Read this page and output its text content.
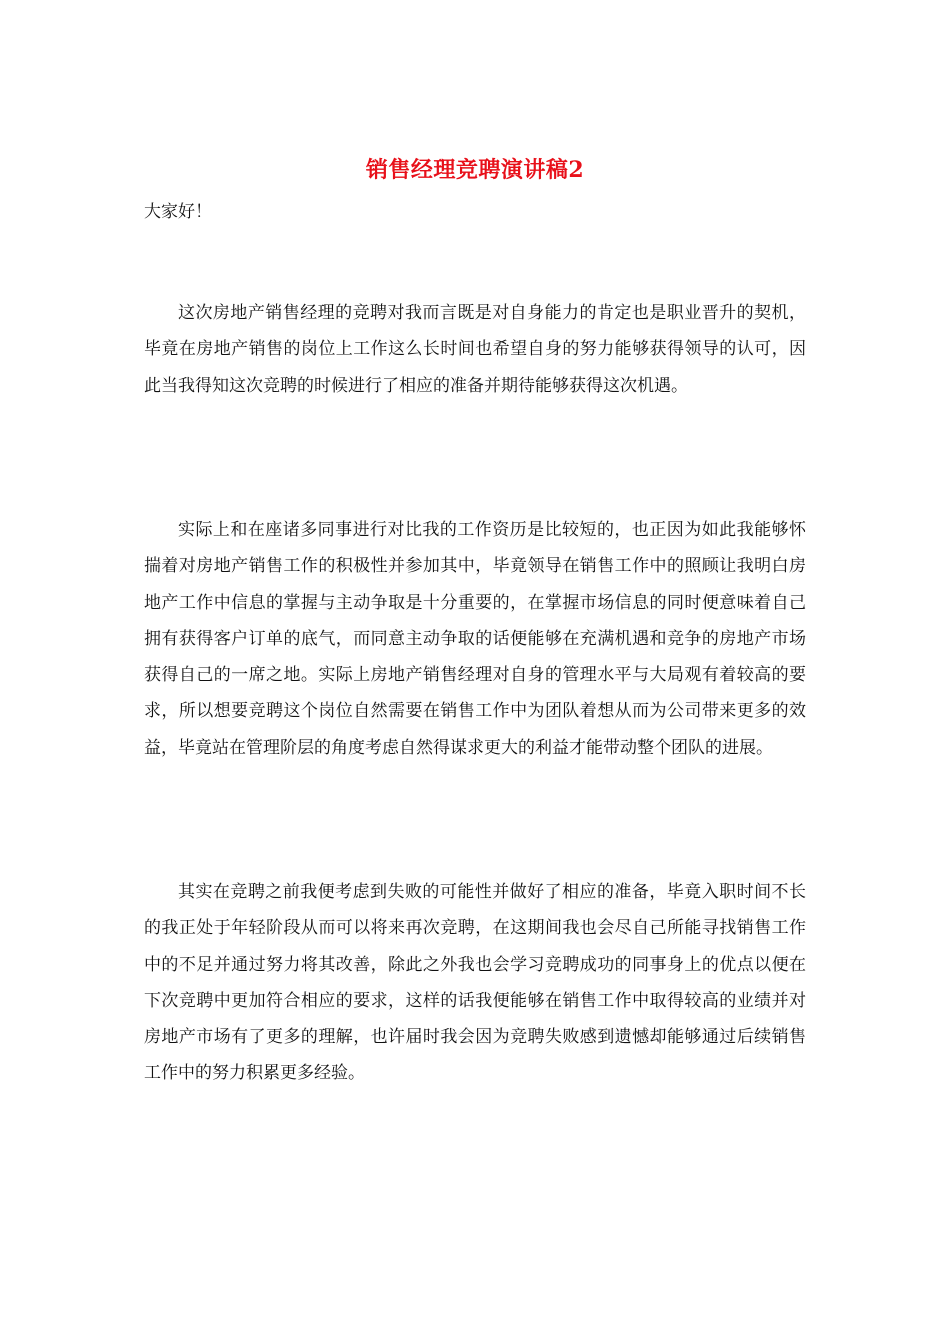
销售经理竞聘演讲稿2
大家好！

这次房地产销售经理的竞聘对我而言既是对自身能力的肯定也是职业晋升的契机，毕竟在房地产销售的岗位上工作这么长时间也希望自身的努力能够获得领导的认可，因此当我得知这次竞聘的时候进行了相应的准备并期待能够获得这次机遇。

实际上和在座诸多同事进行对比我的工作资历是比较短的，也正因为如此我能够怀揣着对房地产销售工作的积极性并参加其中，毕竟领导在销售工作中的照顾让我明白房地产工作中信息的掌握与主动争取是十分重要的，在掌握市场信息的同时便意味着自己拥有获得客户订单的底气，而同意主动争取的话便能够在充满机遇和竞争的房地产市场获得自己的一席之地。实际上房地产销售经理对自身的管理水平与大局观有着较高的要求，所以想要竞聘这个岗位自然需要在销售工作中为团队着想从而为公司带来更多的效益，毕竟站在管理阶层的角度考虑自然得谋求更大的利益才能带动整个团队的进展。

其实在竞聘之前我便考虑到失败的可能性并做好了相应的准备，毕竟入职时间不长的我正处于年轻阶段从而可以将来再次竞聘，在这期间我也会尽自己所能寻找销售工作中的不足并通过努力将其改善，除此之外我也会学习竞聘成功的同事身上的优点以便在下次竞聘中更加符合相应的要求，这样的话我便能够在销售工作中取得较高的业绩并对房地产市场有了更多的理解，也许届时我会因为竞聘失败感到遗憾却能够通过后续销售工作中的努力积累更多经验。
